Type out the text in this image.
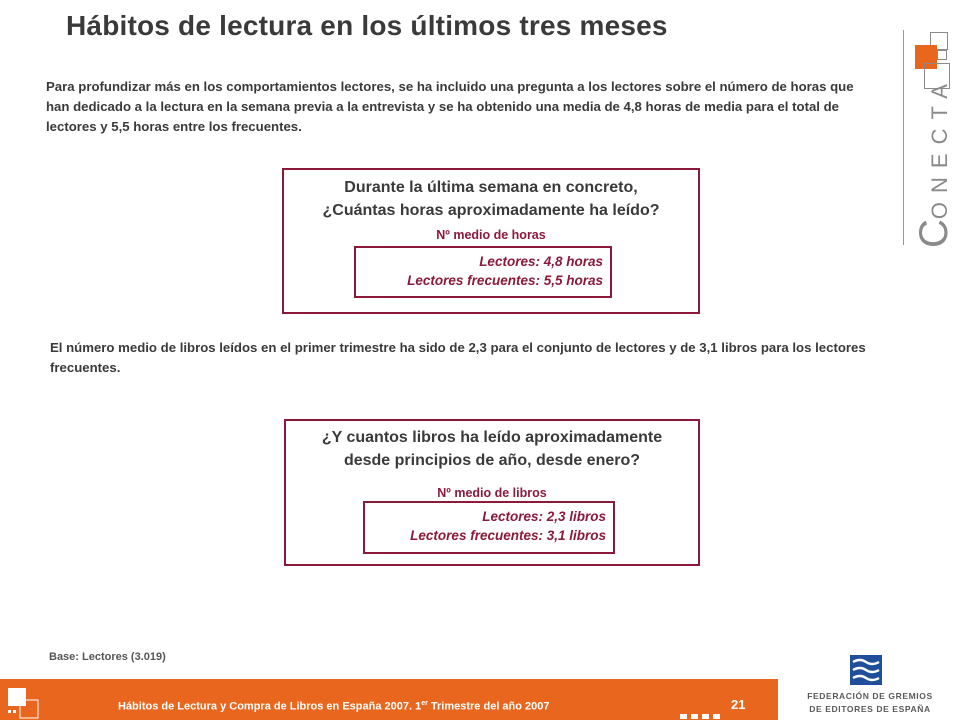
Hábitos de lectura en los últimos tres meses
Para profundizar más en los comportamientos lectores, se ha incluido una pregunta a los lectores sobre el número de horas que han dedicado a la lectura en la semana previa a la entrevista y se ha obtenido una media de 4,8 horas de media para el total de lectores y 5,5 horas entre los frecuentes.
Durante la última semana en concreto,
¿Cuántas horas aproximadamente ha leído?
Nº medio de horas
Lectores: 4,8 horas
Lectores frecuentes: 5,5 horas
El número medio de libros leídos en el primer trimestre ha sido de 2,3 para el conjunto de lectores y de 3,1 libros para los lectores frecuentes.
¿Y cuantos libros ha leído aproximadamente
desde principios de año, desde enero?
Nº medio de libros
Lectores: 2,3 libros
Lectores frecuentes: 3,1 libros
CONECTA
Base: Lectores (3.019)
Hábitos de Lectura y Compra de Libros en España 2007. 1er Trimestre del año 2007	21
FEDERACIÓN DE GREMIOS
DE EDITORES DE ESPAÑA
